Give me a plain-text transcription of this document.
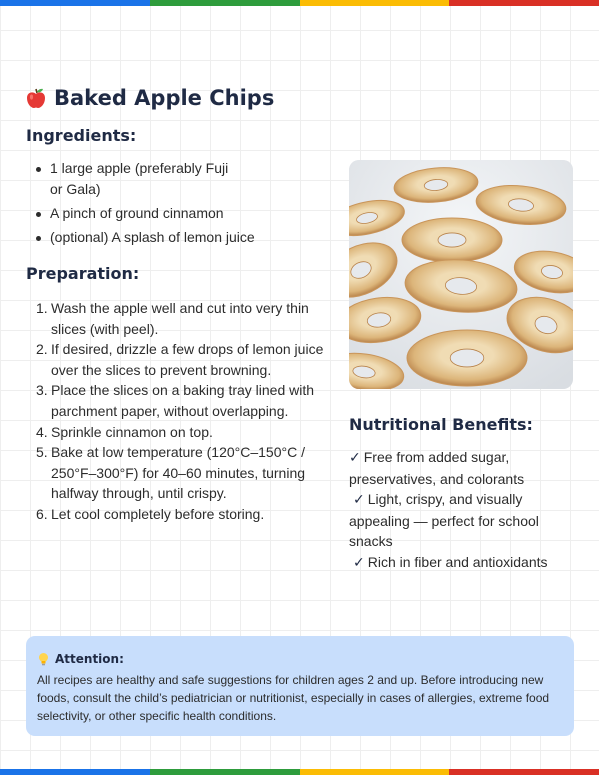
Baked Apple Chips
Ingredients:
1 large apple (preferably Fuji or Gala)
A pinch of ground cinnamon
(optional) A splash of lemon juice
Preparation:
1. Wash the apple well and cut into very thin slices (with peel).
2. If desired, drizzle a few drops of lemon juice over the slices to prevent browning.
3. Place the slices on a baking tray lined with parchment paper, without overlapping.
4. Sprinkle cinnamon on top.
5. Bake at low temperature (120°C–150°C / 250°F–300°F) for 40–60 minutes, turning halfway through, until crispy.
6. Let cool completely before storing.
Nutritional Benefits:
✓ Free from added sugar, preservatives, and colorants
✓ Light, crispy, and visually appealing — perfect for school snacks
✓ Rich in fiber and antioxidants
Attention:
All recipes are healthy and safe suggestions for children ages 2 and up. Before introducing new foods, consult the child’s pediatrician or nutritionist, especially in cases of allergies, extreme food selectivity, or other specific health conditions.
